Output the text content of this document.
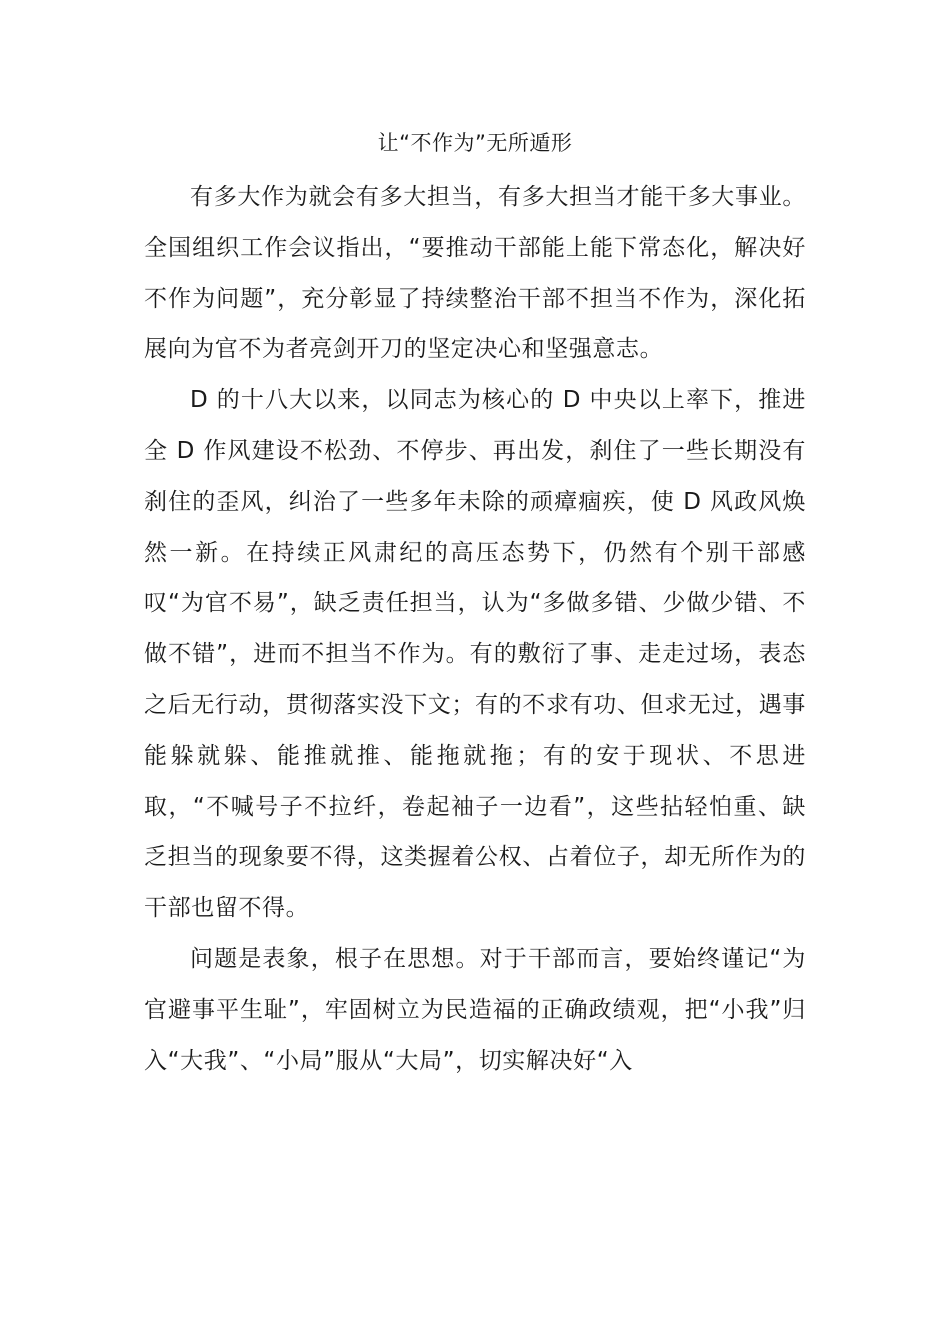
让“不作为”无所遁形

有多大作为就会有多大担当，有多大担当才能干多大事业。全国组织工作会议指出，“要推动干部能上能下常态化，解决好不作为问题”，充分彰显了持续整治干部不担当不作为，深化拓展向为官不为者亮剑开刀的坚定决心和坚强意志。

D 的十八大以来，以同志为核心的 D 中央以上率下，推进全 D 作风建设不松劲、不停步、再出发，刹住了一些长期没有刹住的歪风，纠治了一些多年未除的顽瘴痼疾，使 D 风政风焕然一新。在持续正风肃纪的高压态势下，仍然有个别干部感叹“为官不易”，缺乏责任担当，认为“多做多错、少做少错、不做不错”，进而不担当不作为。有的敷衍了事、走走过场，表态之后无行动，贯彻落实没下文；有的不求有功、但求无过，遇事能躲就躲、能推就推、能拖就拖；有的安于现状、不思进取，“不喊号子不拉纤，卷起袖子一边看”，这些拈轻怕重、缺乏担当的现象要不得，这类握着公权、占着位子，却无所作为的干部也留不得。

问题是表象，根子在思想。对于干部而言，要始终谨记“为官避事平生耻”，牢固树立为民造福的正确政绩观，把“小我”归入“大我”、“小局”服从“大局”，切实解决好“入
